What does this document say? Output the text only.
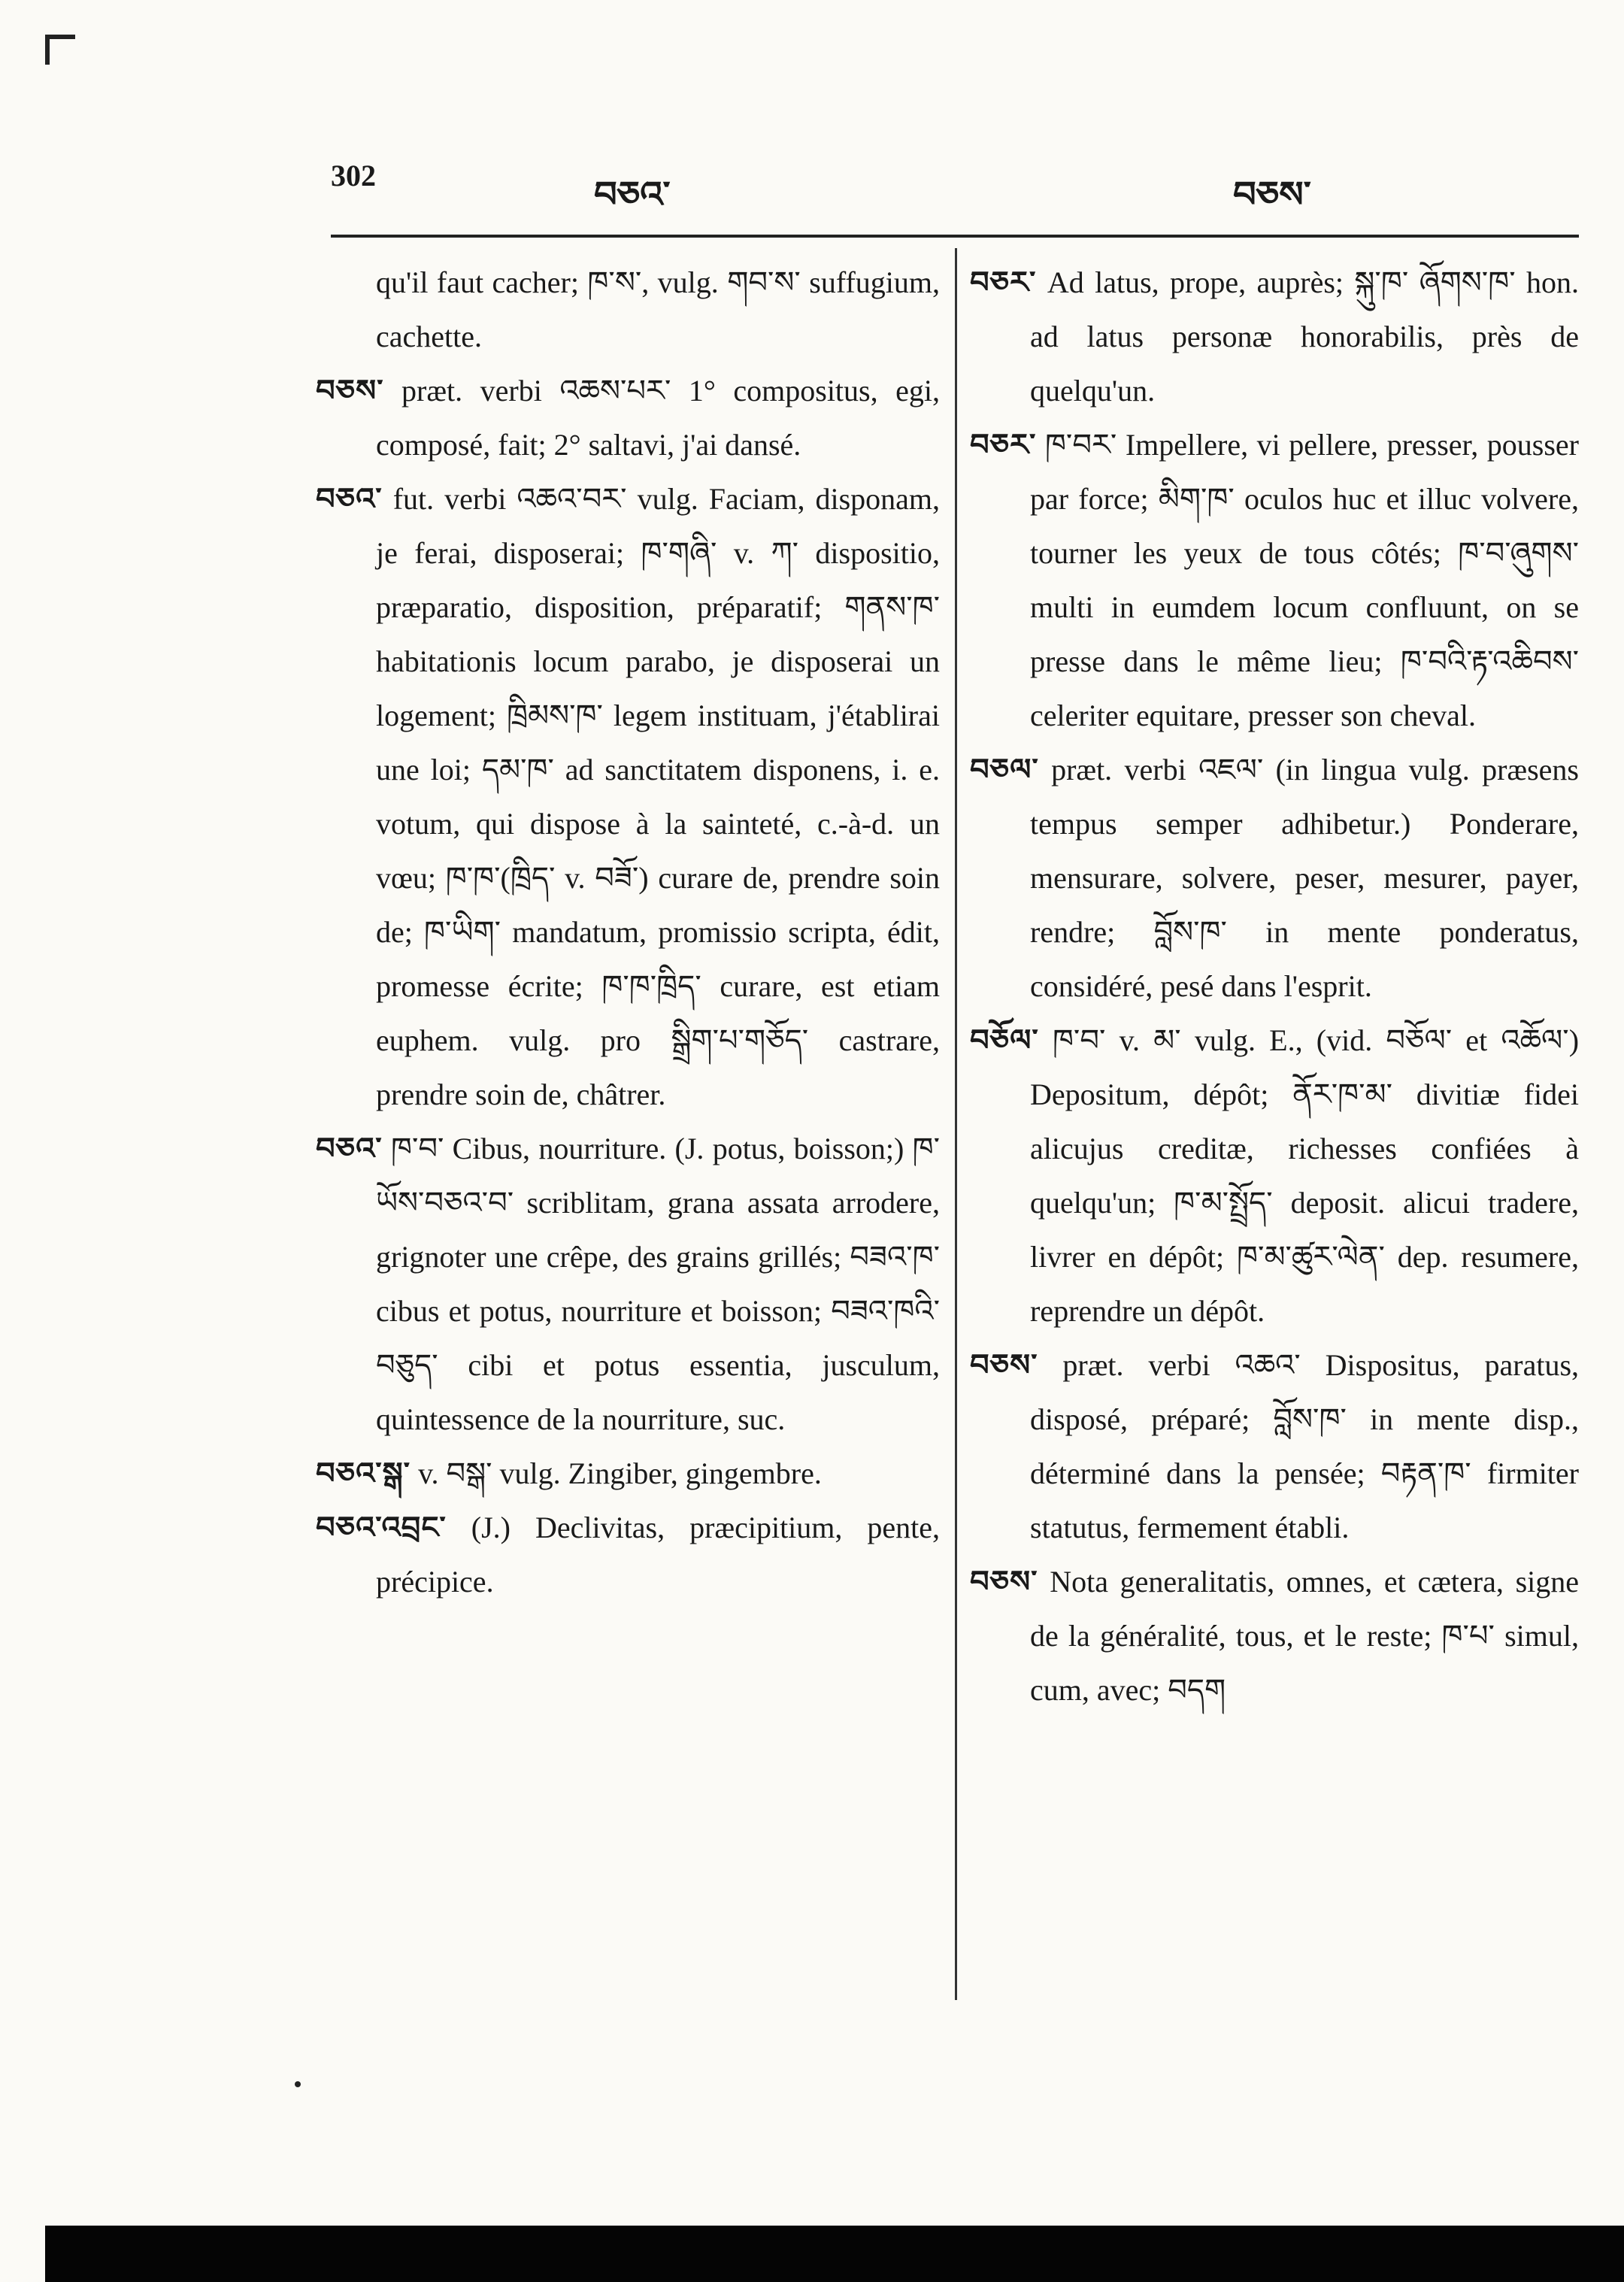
302	བཅའ་	བཅས་

qu'il faut cacher; ཁ་ས་, vulg. གབ་ས་ suffugium, cachette.

བཅས་ præt. verbi འཆས་པར་ 1° compositus, egi, composé, fait; 2° saltavi, j'ai dansé.

བཅའ་ fut. verbi འཆའ་བར་ vulg. Faciam, disponam, je ferai, disposerai; ཁ་གཞི་ v. ཀ་ dispositio, præparatio, disposition, préparatif; གནས་ཁ་ habitationis locum parabo, je disposerai un logement; ཁྲིམས་ཁ་ legem instituam, j'établirai une loi; དམ་ཁ་ ad sanctitatem disponens, i. e. votum, qui dispose à la sainteté, c.-à-d. un vœu; ཁ་ཁ་(ཁྲིད་ v. བཟོ་) curare de, prendre soin de; ཁ་ཡིག་ mandatum, promissio scripta, édit, promesse écrite; ཁ་ཁ་ཁྲིད་ curare, est etiam euphem. vulg. pro སྒྲིག་པ་གཅོད་ castrare, prendre soin de, châtrer.

བཅའ་ ཁ་བ་ Cibus, nourriture. (J. potus, boisson;) ཁ་ཡོས་བཅའ་བ་ scriblitam, grana assata arrodere, grignoter une crêpe, des grains grillés; བཟའ་ཁ་ cibus et potus, nourriture et boisson; བཟའ་ཁའི་བཅུད་ cibi et potus essentia, jusculum, quintessence de la nourriture, suc.

བཅའ་སྒ་ v. བསྒ་ vulg. Zingiber, gingembre.

བཅའ་འབྲང་ (J.) Declivitas, præcipitium, pente, précipice.

བཅར་ Ad latus, prope, auprès; སྐུ་ཁ་ ཞོགས་ཁ་ hon. ad latus personæ honorabilis, près de quelqu'un.

བཅར་ ཁ་བར་ Impellere, vi pellere, presser, pousser par force; མིག་ཁ་ oculos huc et illuc volvere, tourner les yeux de tous côtés; ཁ་བ་ཞུགས་ multi in eumdem locum confluunt, on se presse dans le même lieu; ཁ་བའི་རྟ་འཆིབས་ celeriter equitare, presser son cheval.

བཅལ་ præt. verbi འཇལ་ (in lingua vulg. præsens tempus semper adhibetur.) Ponderare, mensurare, solvere, peser, mesurer, payer, rendre; བློས་ཁ་ in mente ponderatus, considéré, pesé dans l'esprit.

བཅོལ་ ཁ་བ་ v. མ་ vulg. E., (vid. བཅོལ་ et འཆོལ་) Depositum, dépôt; ནོར་ཁ་མ་ divitiæ fidei alicujus creditæ, richesses confiées à quelqu'un; ཁ་མ་སྤྲོད་ deposit. alicui tradere, livrer en dépôt; ཁ་མ་ཚུར་ལེན་ dep. resumere, reprendre un dépôt.

བཅས་ præt. verbi འཆའ་ Dispositus, paratus, disposé, préparé; བློས་ཁ་ in mente disp., déterminé dans la pensée; བརྟན་ཁ་ firmiter statutus, fermement établi.

བཅས་ Nota generalitatis, omnes, et cætera, signe de la généralité, tous, et le reste; ཁ་པ་ simul, cum, avec; བདག
